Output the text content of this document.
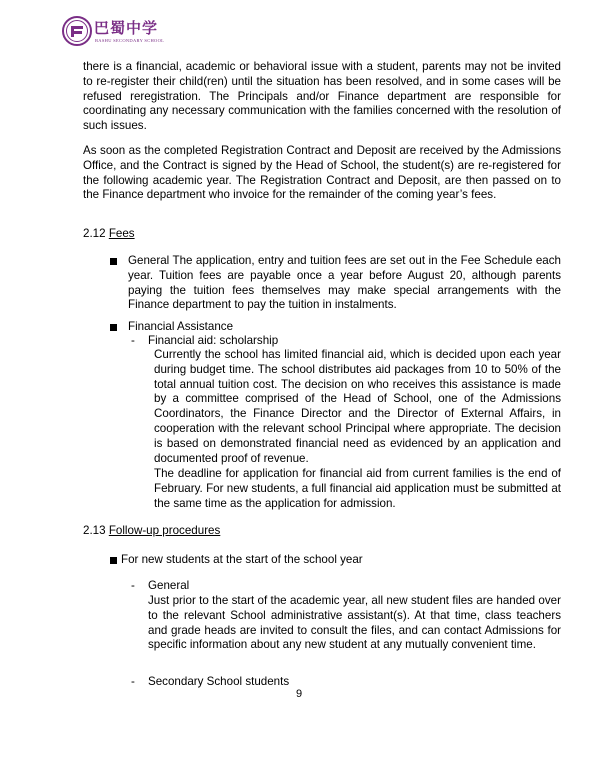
巴蜀中学
BASHU SECONDARY SCHOOL

there is a financial, academic or behavioral issue with a student, parents may not be invited to re-register their child(ren) until the situation has been resolved, and in some cases will be refused reregistration. The Principals and/or Finance department are responsible for coordinating any necessary communication with the families concerned with the resolution of such issues.

As soon as the completed Registration Contract and Deposit are received by the Admissions Office, and the Contract is signed by the Head of School, the student(s) are re-registered for the following academic year. The Registration Contract and Deposit, are then passed on to the Finance department who invoice for the remainder of the coming year’s fees.

2.12 Fees

General The application, entry and tuition fees are set out in the Fee Schedule each year. Tuition fees are payable once a year before August 20, although parents paying the tuition fees themselves may make special arrangements with the Finance department to pay the tuition in instalments.

Financial Assistance

- Financial aid: scholarship

Currently the school has limited financial aid, which is decided upon each year during budget time. The school distributes aid packages from 10 to 50% of the total annual tuition cost. The decision on who receives this assistance is made by a committee comprised of the Head of School, one of the Admissions Coordinators, the Finance Director and the Director of External Affairs, in cooperation with the relevant school Principal where appropriate. The decision is based on demonstrated financial need as evidenced by an application and documented proof of revenue.

The deadline for application for financial aid from current families is the end of February. For new students, a full financial aid application must be submitted at the same time as the application for admission.

2.13 Follow-up procedures

For new students at the start of the school year

- General

Just prior to the start of the academic year, all new student files are handed over to the relevant School administrative assistant(s). At that time, class teachers and grade heads are invited to consult the files, and can contact Admissions for specific information about any new student at any mutually convenient time.

- Secondary School students

9
